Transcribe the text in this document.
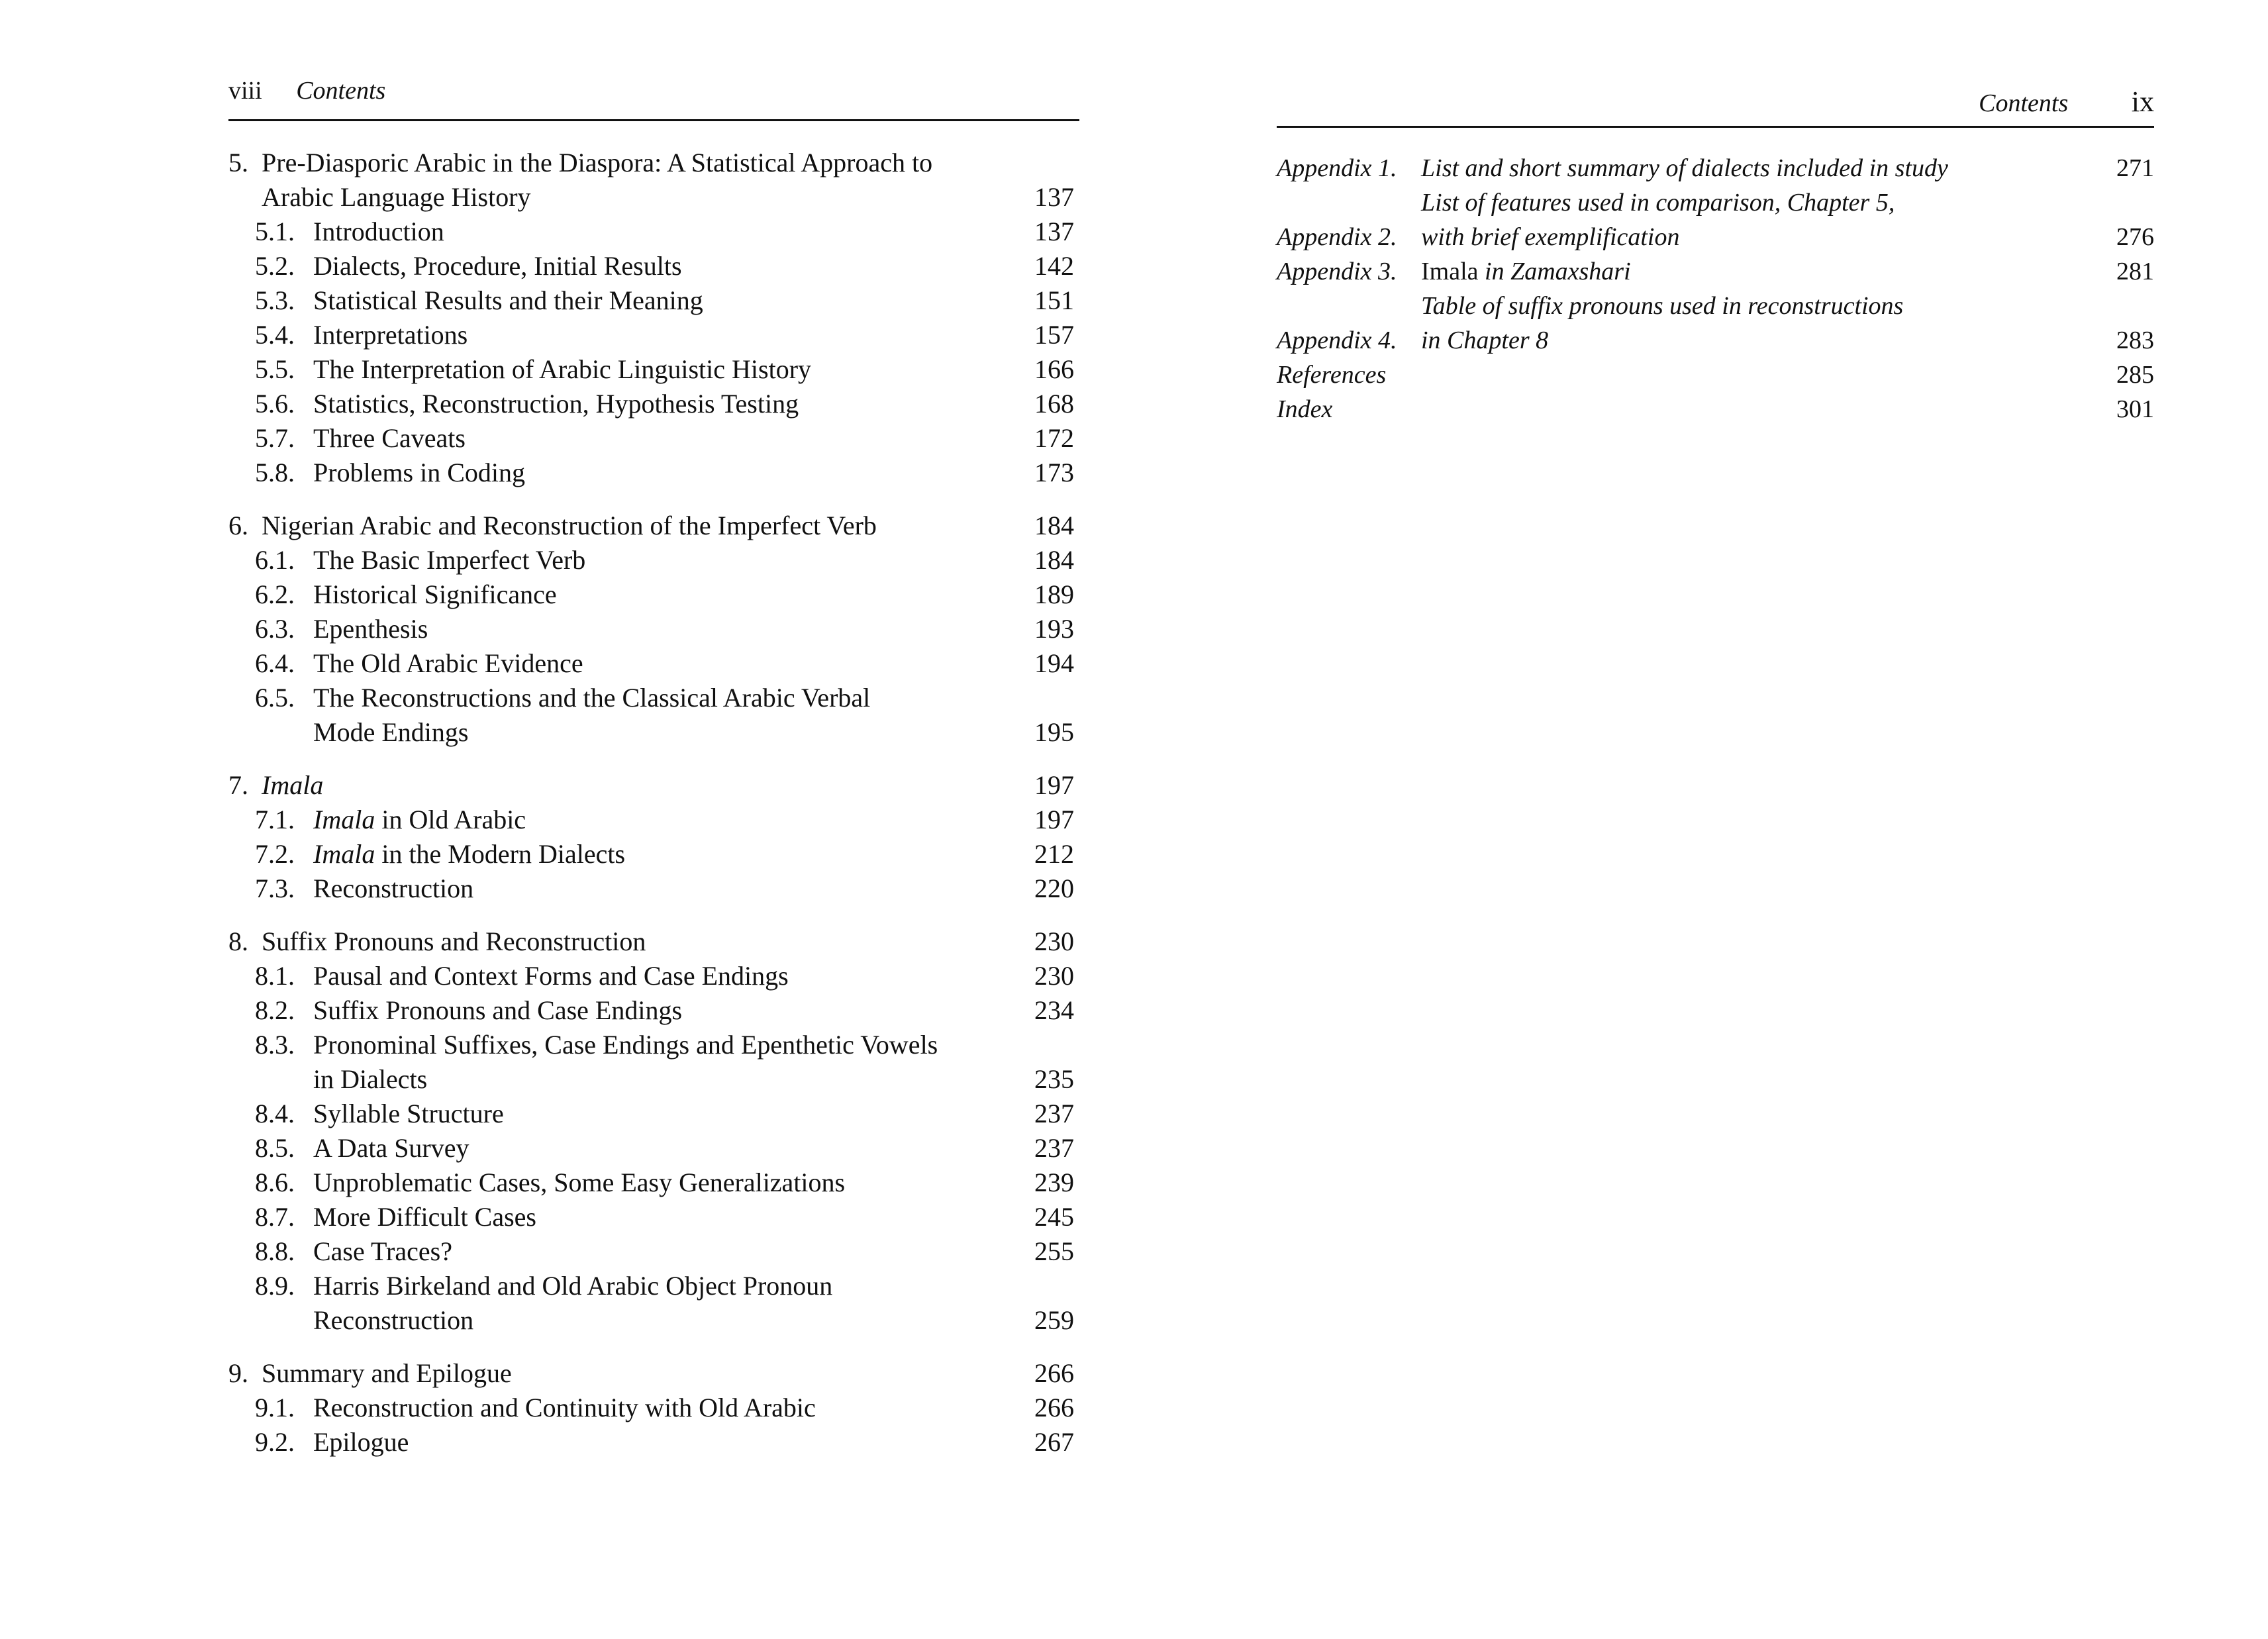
viii Contents
5. Pre-Diasporic Arabic in the Diaspora: A Statistical Approach to
Arabic Language History	137
5.1. Introduction	137
5.2. Dialects, Procedure, Initial Results	142
5.3. Statistical Results and their Meaning	151
5.4. Interpretations	157
5.5. The Interpretation of Arabic Linguistic History	166
5.6. Statistics, Reconstruction, Hypothesis Testing	168
5.7. Three Caveats	172
5.8. Problems in Coding	173
6. Nigerian Arabic and Reconstruction of the Imperfect Verb	184
6.1. The Basic Imperfect Verb	184
6.2. Historical Significance	189
6.3. Epenthesis	193
6.4. The Old Arabic Evidence	194
6.5. The Reconstructions and the Classical Arabic Verbal
Mode Endings	195
7. Imala	197
7.1. Imala in Old Arabic	197
7.2. Imala in the Modern Dialects	212
7.3. Reconstruction	220
8. Suffix Pronouns and Reconstruction	230
8.1. Pausal and Context Forms and Case Endings	230
8.2. Suffix Pronouns and Case Endings	234
8.3. Pronominal Suffixes, Case Endings and Epenthetic Vowels
in Dialects	235
8.4. Syllable Structure	237
8.5. A Data Survey	237
8.6. Unproblematic Cases, Some Easy Generalizations	239
8.7. More Difficult Cases	245
8.8. Case Traces?	255
8.9. Harris Birkeland and Old Arabic Object Pronoun
Reconstruction	259
9. Summary and Epilogue	266
9.1. Reconstruction and Continuity with Old Arabic	266
9.2. Epilogue	267
Contents ix
Appendix 1. List and short summary of dialects included in study	271
Appendix 2.
List of features used in comparison, Chapter 5,
with brief exemplification	276
Appendix 3. Imala in Zamaxshari	281
Appendix 4.
Table of suffix pronouns used in reconstructions
in Chapter 8	283
References	285
Index	301
